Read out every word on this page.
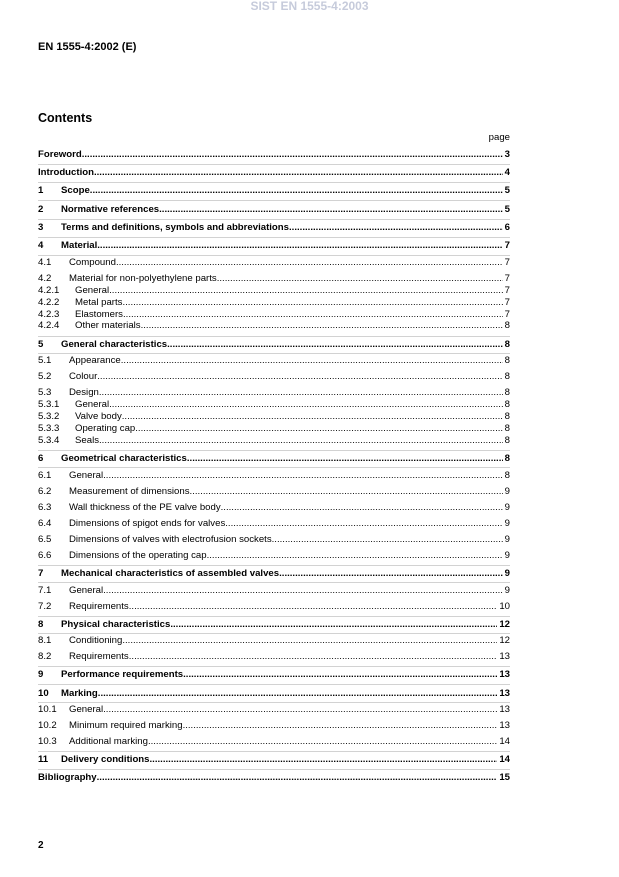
SIST EN 1555-4:2003
EN 1555-4:2002 (E)
Contents
page
Foreword .....	3
Introduction .....	4
1	Scope .....	5
2	Normative references .....	5
3	Terms and definitions, symbols and abbreviations .....	6
4	Material .....	7
4.1	Compound .....	7
4.2	Material for non-polyethylene parts .....	7
4.2.1	General .....	7
4.2.2	Metal parts .....	7
4.2.3	Elastomers .....	7
4.2.4	Other materials .....	8
5	General characteristics .....	8
5.1	Appearance .....	8
5.2	Colour .....	8
5.3	Design .....	8
5.3.1	General .....	8
5.3.2	Valve body .....	8
5.3.3	Operating cap .....	8
5.3.4	Seals .....	8
6	Geometrical characteristics .....	8
6.1	General .....	8
6.2	Measurement of dimensions .....	9
6.3	Wall thickness of the PE valve body .....	9
6.4	Dimensions of spigot ends for valves .....	9
6.5	Dimensions of valves with electrofusion sockets .....	9
6.6	Dimensions of the operating cap .....	9
7	Mechanical characteristics of assembled valves .....	9
7.1	General .....	9
7.2	Requirements .....	10
8	Physical characteristics .....	12
8.1	Conditioning .....	12
8.2	Requirements .....	13
9	Performance requirements .....	13
10	Marking .....	13
10.1	General .....	13
10.2	Minimum required marking .....	13
10.3	Additional marking .....	14
11	Delivery conditions .....	14
Bibliography .....	15
2
